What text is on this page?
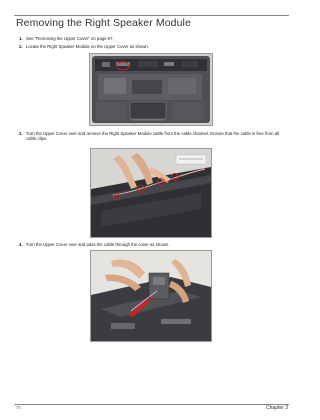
Removing the Right Speaker Module
1. See “Removing the Upper Cover” on page 67.
2. Locate the Right Speaker Module on the Upper Cover as shown.
3. Turn the Upper Cover over and remove the Right Speaker Module cable from the cable channel. Ensure that the cable is free from all cable clips.
4. Turn the Upper Cover over and pass the cable through the cover as shown.
70	Chapter 3
